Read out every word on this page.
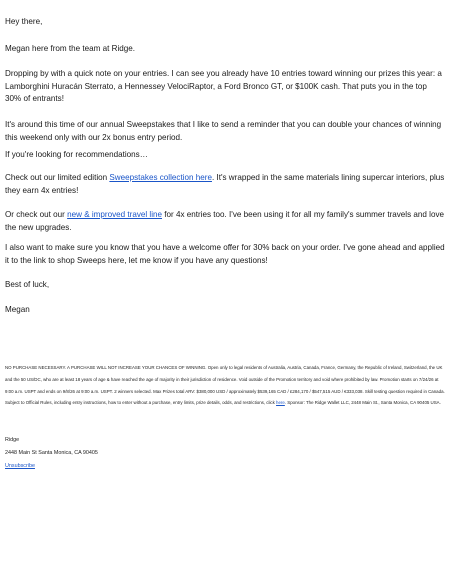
Hey there,

Megan here from the team at Ridge.

Dropping by with a quick note on your entries. I can see you already have 10 entries toward winning our prizes this year: a Lamborghini Huracán Sterrato, a Hennessey VelociRaptor, a Ford Bronco GT, or $100K cash. That puts you in the top 30% of entrants!

It's around this time of our annual Sweepstakes that I like to send a reminder that you can double your chances of winning this weekend only with our 2x bonus entry period.

If you're looking for recommendations…

Check out our limited edition Sweepstakes collection here. It's wrapped in the same materials lining supercar interiors, plus they earn 4x entries!

Or check out our new & improved travel line for 4x entries too. I've been using it for all my family's summer travels and love the new upgrades.

I also want to make sure you know that you have a welcome offer for 30% back on your order. I've gone ahead and applied it to the link to shop Sweeps here, let me know if you have any questions!

Best of luck,

Megan

NO PURCHASE NECESSARY. A PURCHASE WILL NOT INCREASE YOUR CHANCES OF WINNING. Open only to legal residents of Australia, Austria, Canada, France, Germany, the Republic of Ireland, Switzerland, the UK and the 50 US/DC, who are at least 18 years of age & have reached the age of majority in their jurisdiction of residence. Void outside of the Promotion territory and void where prohibited by law. Promotion starts on 7/24/26 at 9:00 a.m. USPT and ends on 9/8/26 at 9:00 a.m. USPT. 2 winners selected. Max Prizes total ARV: $380,000 USD / approximately $539,165 CAD / £284,170 / $547,515 AUD / €333,038. Skill testing question required in Canada. Subject to Official Rules, including entry instructions, how to enter without a purchase, entry limits, prize details, odds, and restrictions, click here. Sponsor: The Ridge Wallet LLC, 2448 Main St., Santa Monica, CA 90405 USA.

Ridge

2448 Main St Santa Monica, CA 90405

Unsubscribe
